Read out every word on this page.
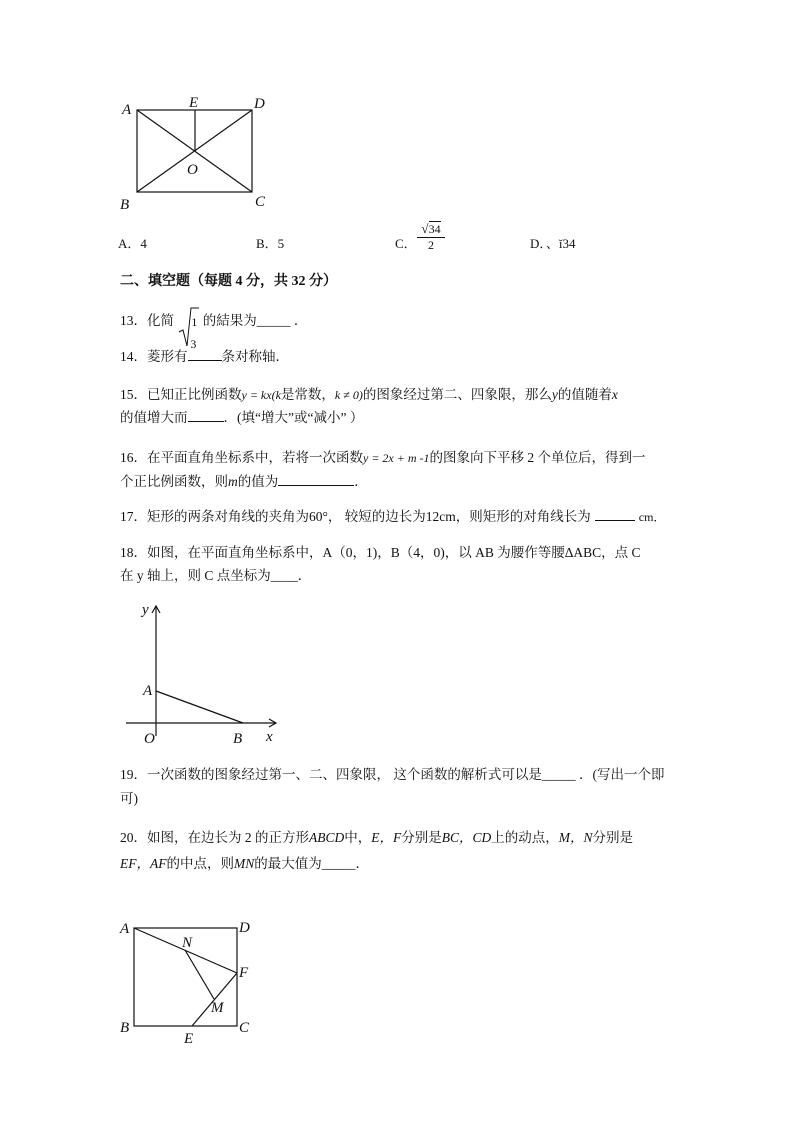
A	E	D
O
B	C
A．4	B．5	C．
√34
2	D．、ǐ34
二、填空题（每题 4 分，共 32 分）
13．化简 1
3
的結果为_____ ．
14．菱形有	条对称轴．
15．已知正比例函数y = kx(k是常数，k ≠ 0)的图象经过第二、四象限，那么y的值随着x
的值增大而	．(填“增大”或“减小” ）
16．在平面直角坐标系中，若将一次函数y = 2x + m -1的图象向下平移 2 个单位后，得到一
个正比例函数，则m的值为	．
17．矩形的两条对角线的夹角为60°， 较短的边长为12cm，则矩形的对角线长为	cm．
18．如图，在平面直角坐标系中，A（0，1)，B（4，0)，以 AB 为腰作等腰ΔABC，点 C
在 y 轴上，则 C 点坐标为____．
y
A
O	B x
19．一次函数的图象经过第一、二、四象限， 这个函数的解析式可以是_____ ．(写出一个即
可)
20．如图，在边长为 2 的正方形ABCD中，E，F分别是BC，CD上的动点，M，N分别是
EF，AF的中点，则MN的最大值为_____．
A	D
N
F
M
B
E
C
